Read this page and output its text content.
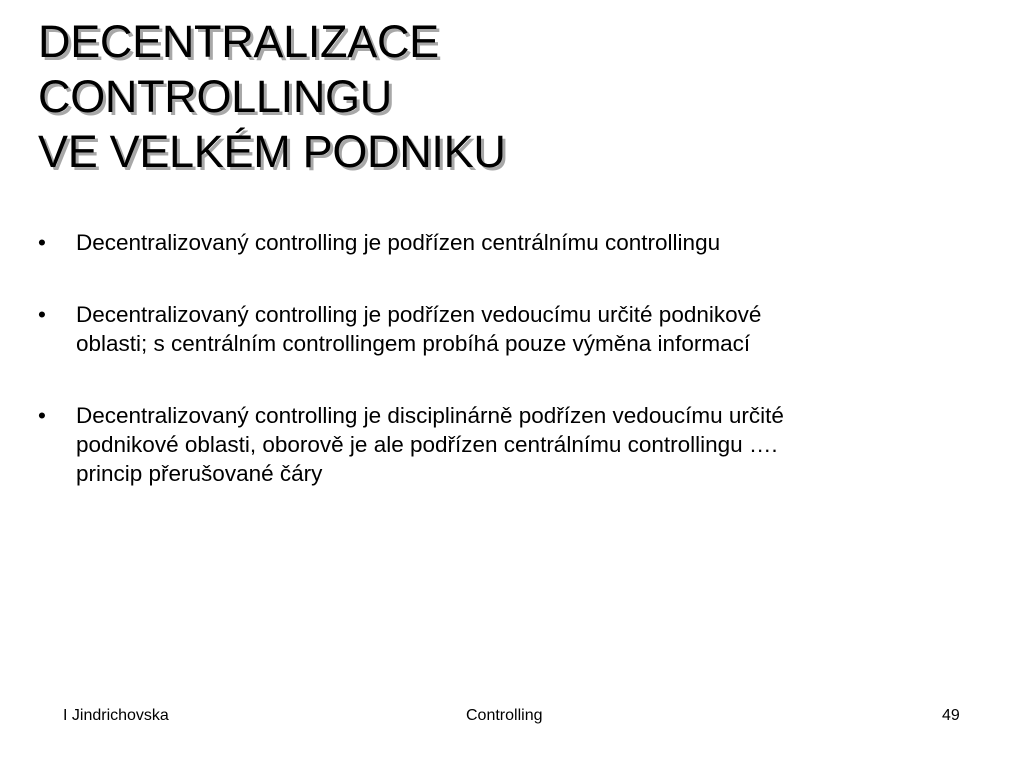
DECENTRALIZACE
CONTROLLINGU
VE VELKÉM PODNIKU
• Decentralizovaný controlling je podřízen centrálnímu controllingu
• Decentralizovaný controlling je podřízen vedoucímu určité podnikové
oblasti; s centrálním controllingem probíhá pouze výměna informací
• Decentralizovaný controlling je disciplinárně podřízen vedoucímu určité
podnikové oblasti, oborově je ale podřízen centrálnímu controllingu ….
princip přerušované čáry
I Jindrichovska	Controlling	49
